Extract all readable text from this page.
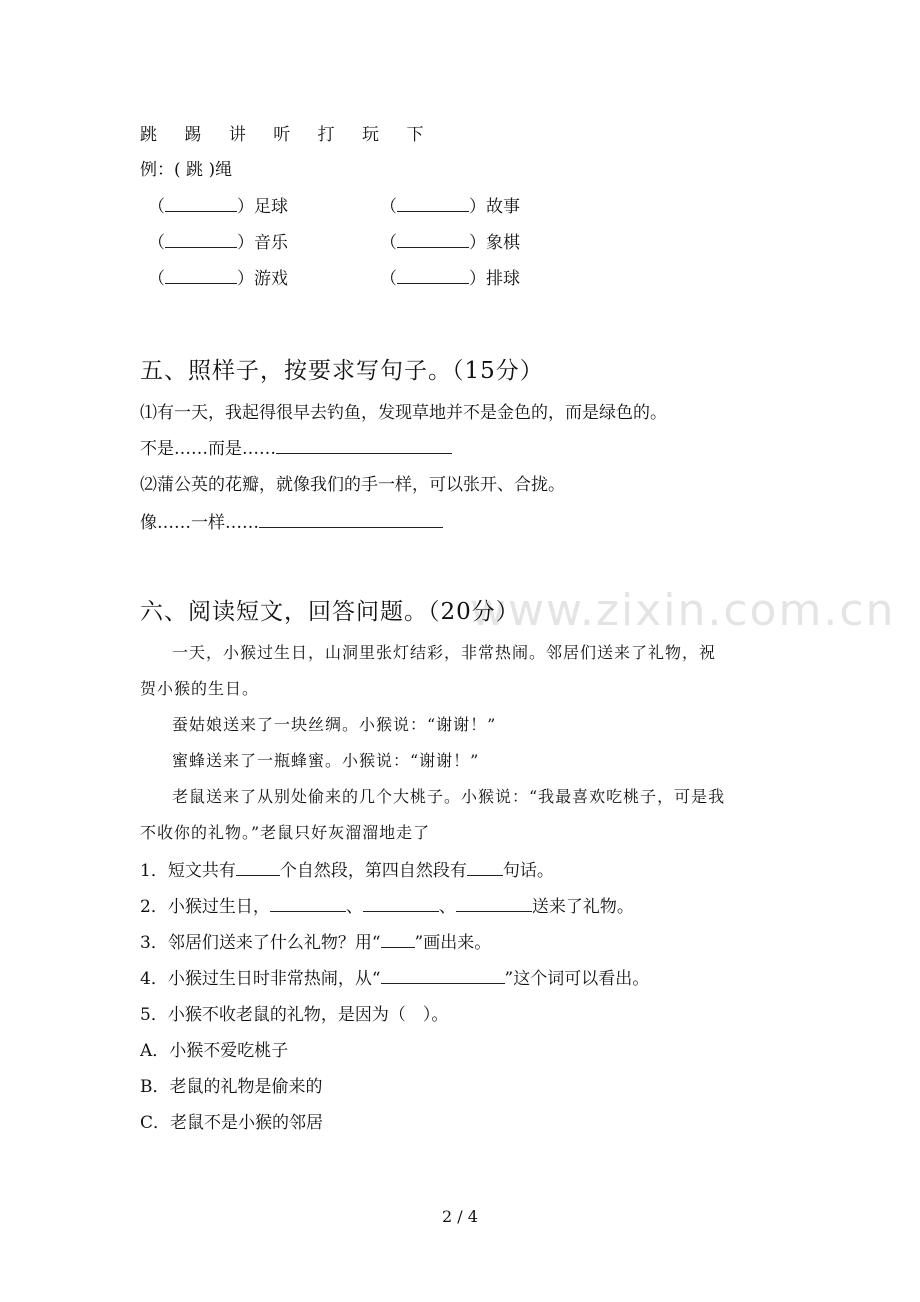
跳 踢 讲 听 打 玩 下
例：( 跳 )绳
（	）足球	（	）故事
（	）音乐	（	）象棋
（	）游戏	（	）排球
五、照样子，按要求写句子。（15分）
⑴有一天，我起得很早去钓鱼，发现草地并不是金色的，而是绿色的。
不是……而是……
⑵蒲公英的花瓣，就像我们的手一样，可以张开、合拢。
像……一样……
www.zixin.com.cn
六、阅读短文，回答问题。（20分）
一天，小猴过生日，山洞里张灯结彩，非常热闹。邻居们送来了礼物，祝
贺小猴的生日。
蚕姑娘送来了一块丝绸。小猴说：“谢谢！”
蜜蜂送来了一瓶蜂蜜。小猴说：“谢谢！”
老鼠送来了从别处偷来的几个大桃子。小猴说：“我最喜欢吃桃子，可是我
不收你的礼物。”老鼠只好灰溜溜地走了
1．短文共有	个自然段，第四自然段有 句话。
2．小猴过生日，	、	、	送来了礼物。
3．邻居们送来了什么礼物？用“ ”画出来。
4．小猴过生日时非常热闹，从“	”这个词可以看出。
5．小猴不收老鼠的礼物，是因为（　）。
A．小猴不爱吃桃子
B．老鼠的礼物是偷来的
C．老鼠不是小猴的邻居
2 / 4
